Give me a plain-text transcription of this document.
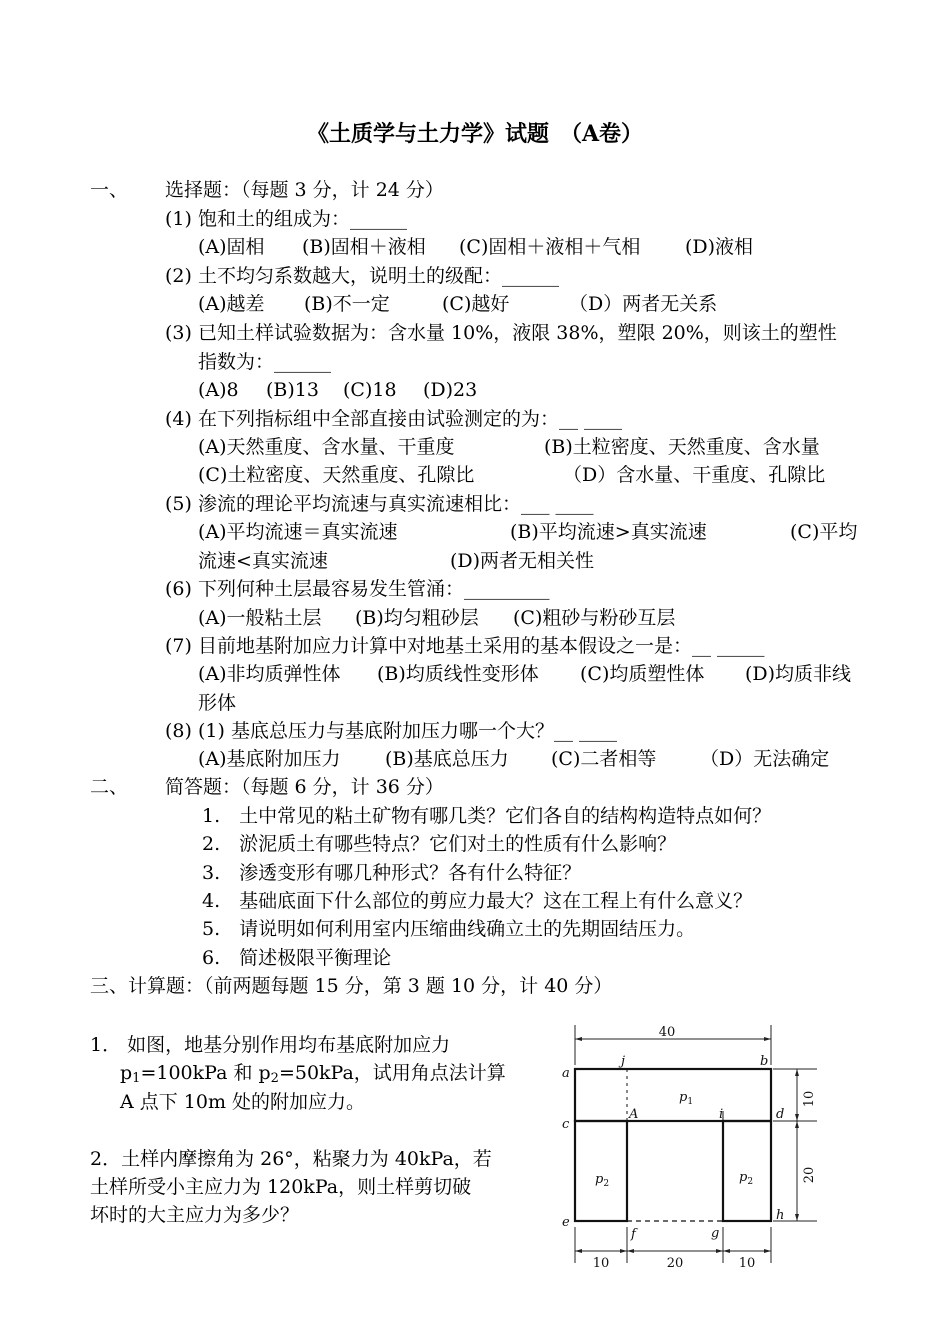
《土质学与土力学》试题　（A卷）
一、 选择题：（每题 3 分，计 24 分）
(1) 饱和土的组成为：______
(A)固相 (B)固相＋液相 (C)固相＋液相＋气相 (D)液相
(2) 土不均匀系数越大，说明土的级配：______
(A)越差 (B)不一定	(C)越好	（D）两者无关系
(3) 已知土样试验数据为：含水量 10%，液限 38%，塑限 20%，则该土的塑性
指数为：______
(A)8 (B)13 (C)18 (D)23
(4) 在下列指标组中全部直接由试验测定的为：__ ____
(A)天然重度、含水量、干重度	(B)土粒密度、天然重度、含水量
(C)土粒密度、天然重度、孔隙比	（D）含水量、干重度、孔隙比
(5) 渗流的理论平均流速与真实流速相比：___ ____
(A)平均流速＝真实流速	(B)平均流速>真实流速	(C)平均
流速<真实流速	(D)两者无相关性
(6) 下列何种土层最容易发生管涌：_________
(A)一般粘土层 (B)均匀粗砂层 (C)粗砂与粉砂互层
(7) 目前地基附加应力计算中对地基土采用的基本假设之一是：__ _____
(A)非均质弹性体 (B)均质线性变形体 (C)均质塑性体 (D)均质非线
形体
(8) (1) 基底总压力与基底附加压力哪一个大？__ ____
(A)基底附加压力 (B)基底总压力 (C)二者相等 （D）无法确定
二、 简答题：（每题 6 分，计 36 分）
1.　土中常见的粘土矿物有哪几类？它们各自的结构构造特点如何？
2.　淤泥质土有哪些特点？它们对土的性质有什么影响？
3.　渗透变形有哪几种形式？各有什么特征？
4.　基础底面下什么部位的剪应力最大？这在工程上有什么意义？
5.　请说明如何利用室内压缩曲线确立土的先期固结压力。
6.　简述极限平衡理论
三、计算题：（前两题每题 15 分，第 3 题 10 分，计 40 分）
1． 如图，地基分别作用均布基底附加应力
$p_1=100kPa$ 和 $p_2=50kPa$，试用角点法计算
A 点下 10m 处的附加应力。
2．土样内摩擦角为 26°，粘聚力为 40kPa，若
土样所受小主应力为 120kPa，则土样剪切破
坏时的大主应力为多少？
40
10
20
10	20	10
a
b
c
d
e
f	g
h
i
j
A
$p_1$
$p_2$	$p_2$
